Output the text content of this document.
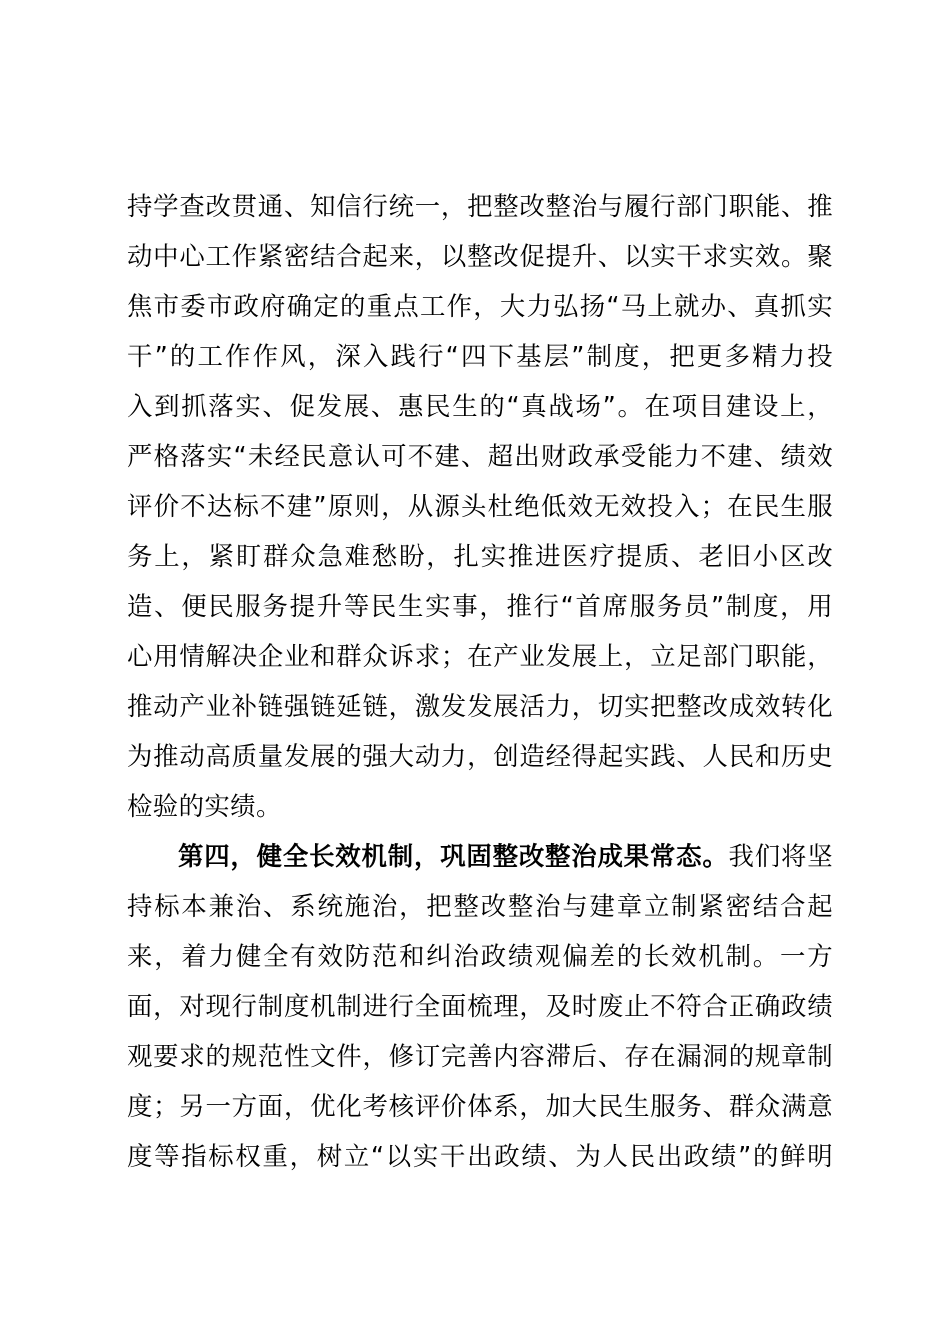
持学查改贯通、知信行统一，把整改整治与履行部门职能、推
动中心工作紧密结合起来，以整改促提升、以实干求实效。聚
焦市委市政府确定的重点工作，大力弘扬“马上就办、真抓实
干”的工作作风，深入践行“四下基层”制度，把更多精力投
入到抓落实、促发展、惠民生的“真战场”。在项目建设上，
严格落实“未经民意认可不建、超出财政承受能力不建、绩效
评价不达标不建”原则，从源头杜绝低效无效投入；在民生服
务上，紧盯群众急难愁盼，扎实推进医疗提质、老旧小区改
造、便民服务提升等民生实事，推行“首席服务员”制度，用
心用情解决企业和群众诉求；在产业发展上，立足部门职能，
推动产业补链强链延链，激发发展活力，切实把整改成效转化
为推动高质量发展的强大动力，创造经得起实践、人民和历史
检验的实绩。
第四，健全长效机制，巩固整改整治成果常态。我们将坚
持标本兼治、系统施治，把整改整治与建章立制紧密结合起
来，着力健全有效防范和纠治政绩观偏差的长效机制。一方
面，对现行制度机制进行全面梳理，及时废止不符合正确政绩
观要求的规范性文件，修订完善内容滞后、存在漏洞的规章制
度；另一方面，优化考核评价体系，加大民生服务、群众满意
度等指标权重，树立“以实干出政绩、为人民出政绩”的鲜明
